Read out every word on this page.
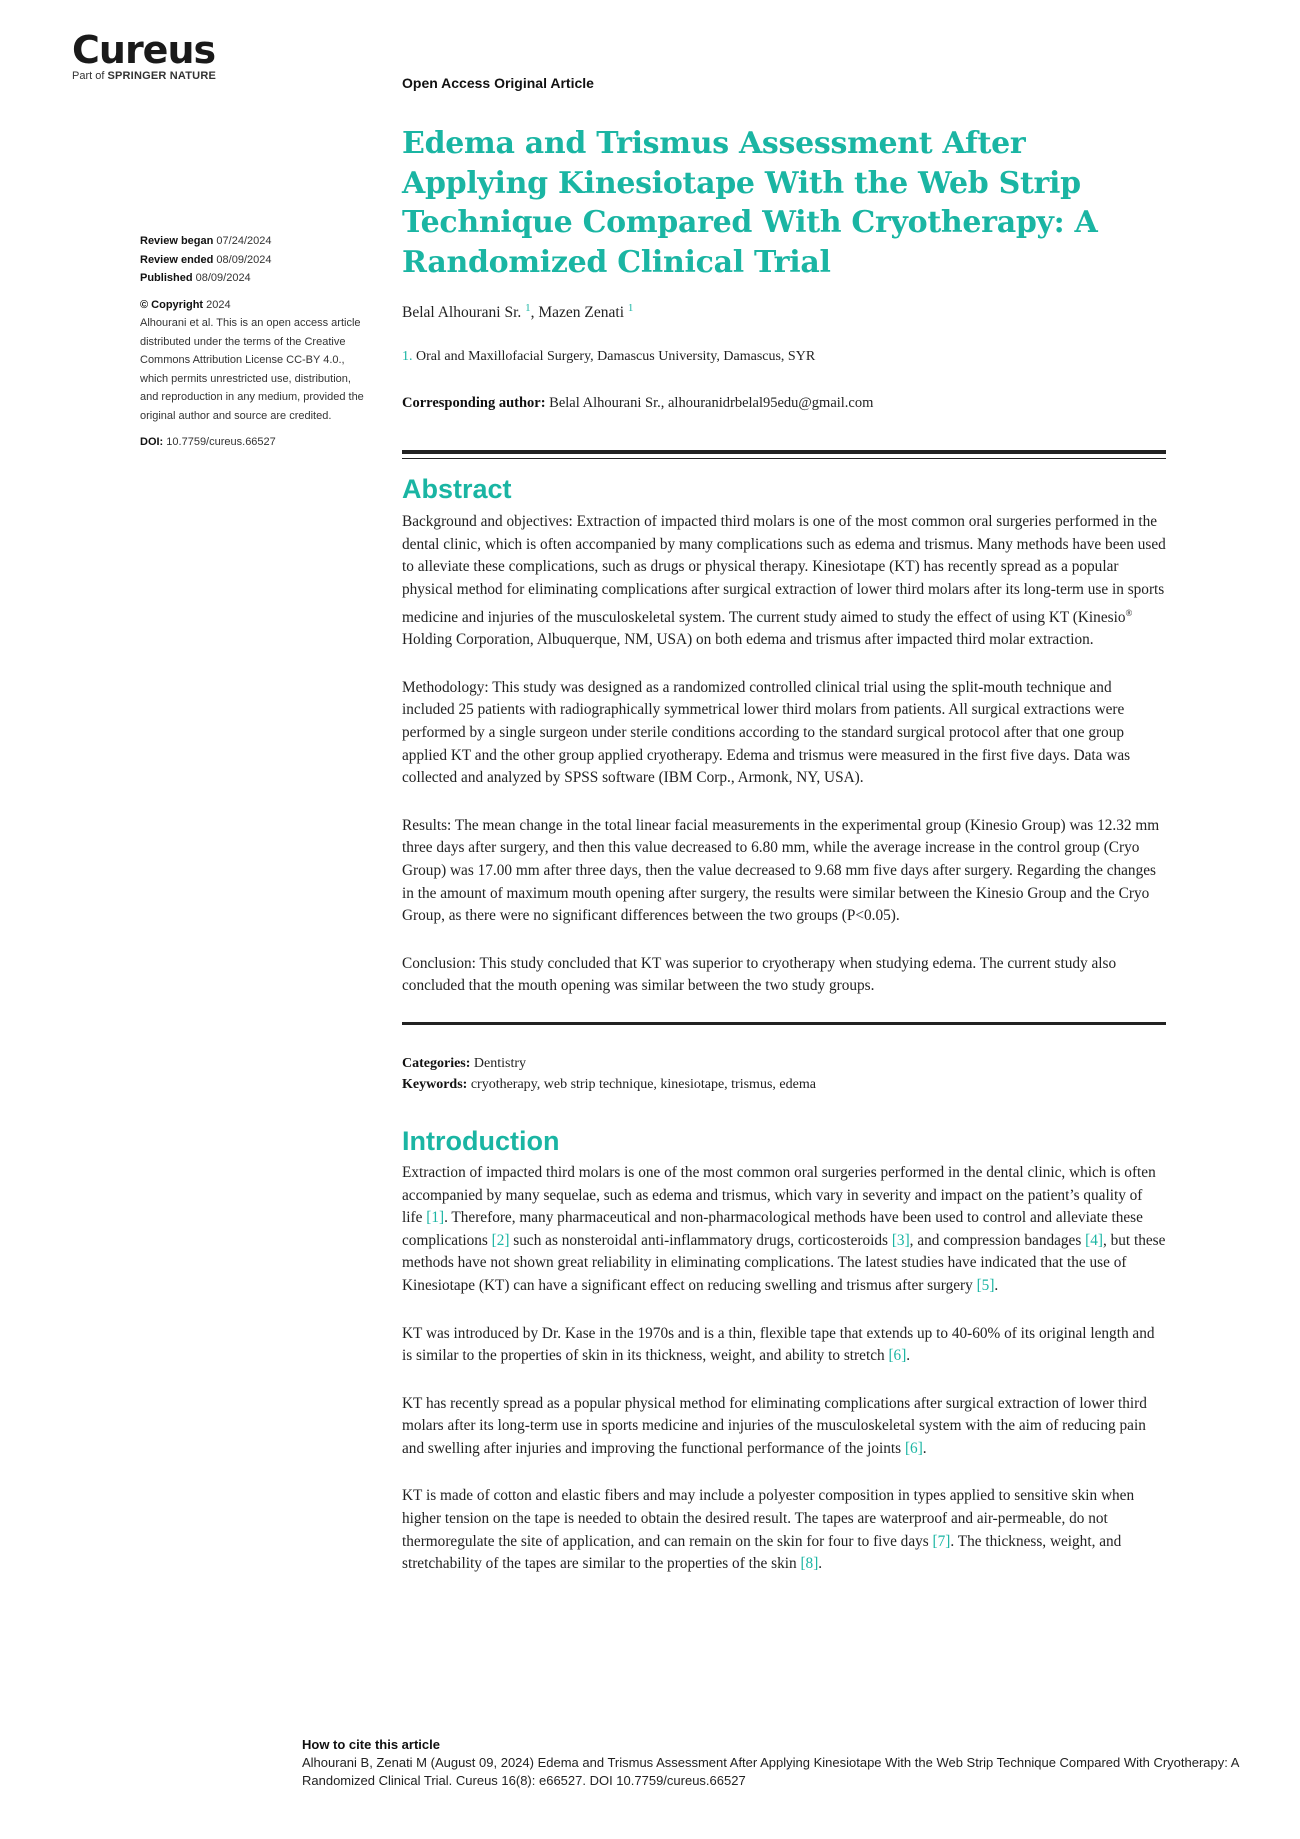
Cureus
Part of SPRINGER NATURE	Open Access Original Article
Review began 07/24/2024
Review ended 08/09/2024
Published 08/09/2024
© Copyright 2024
Alhourani et al. This is an open access article distributed under the terms of the Creative Commons Attribution License CC-BY 4.0., which permits unrestricted use, distribution, and reproduction in any medium, provided the original author and source are credited.
DOI: 10.7759/cureus.66527
Edema and Trismus Assessment After Applying Kinesiotape With the Web Strip Technique Compared With Cryotherapy: A Randomized Clinical Trial
Belal Alhourani Sr. $^1$, Mazen Zenati $^1$
1. Oral and Maxillofacial Surgery, Damascus University, Damascus, SYR
Corresponding author: Belal Alhourani Sr., alhouranidrbelal95edu@gmail.com
Abstract

Background and objectives: Extraction of impacted third molars is one of the most common oral surgeries performed in the dental clinic, which is often accompanied by many complications such as edema and trismus. Many methods have been used to alleviate these complications, such as drugs or physical therapy. Kinesiotape (KT) has recently spread as a popular physical method for eliminating complications after surgical extraction of lower third molars after its long-term use in sports medicine and injuries of the musculoskeletal system. The current study aimed to study the effect of using KT (Kinesio® Holding Corporation, Albuquerque, NM, USA) on both edema and trismus after impacted third molar extraction.

Methodology: This study was designed as a randomized controlled clinical trial using the split-mouth technique and included 25 patients with radiographically symmetrical lower third molars from patients. All surgical extractions were performed by a single surgeon under sterile conditions according to the standard surgical protocol after that one group applied KT and the other group applied cryotherapy. Edema and trismus were measured in the first five days. Data was collected and analyzed by SPSS software (IBM Corp., Armonk, NY, USA).

Results: The mean change in the total linear facial measurements in the experimental group (Kinesio Group) was 12.32 mm three days after surgery, and then this value decreased to 6.80 mm, while the average increase in the control group (Cryo Group) was 17.00 mm after three days, then the value decreased to 9.68 mm five days after surgery. Regarding the changes in the amount of maximum mouth opening after surgery, the results were similar between the Kinesio Group and the Cryo Group, as there were no significant differences between the two groups (P<0.05).

Conclusion: This study concluded that KT was superior to cryotherapy when studying edema. The current study also concluded that the mouth opening was similar between the two study groups.

Categories: Dentistry
Keywords: cryotherapy, web strip technique, kinesiotape, trismus, edema
Introduction

Extraction of impacted third molars is one of the most common oral surgeries performed in the dental clinic, which is often accompanied by many sequelae, such as edema and trismus, which vary in severity and impact on the patient’s quality of life [1]. Therefore, many pharmaceutical and non-pharmacological methods have been used to control and alleviate these complications [2] such as nonsteroidal anti-inflammatory drugs, corticosteroids [3], and compression bandages [4], but these methods have not shown great reliability in eliminating complications. The latest studies have indicated that the use of Kinesiotape (KT) can have a significant effect on reducing swelling and trismus after surgery [5].

KT was introduced by Dr. Kase in the 1970s and is a thin, flexible tape that extends up to 40-60% of its original length and is similar to the properties of skin in its thickness, weight, and ability to stretch [6].

KT has recently spread as a popular physical method for eliminating complications after surgical extraction of lower third molars after its long-term use in sports medicine and injuries of the musculoskeletal system with the aim of reducing pain and swelling after injuries and improving the functional performance of the joints [6].

KT is made of cotton and elastic fibers and may include a polyester composition in types applied to sensitive skin when higher tension on the tape is needed to obtain the desired result. The tapes are waterproof and air-permeable, do not thermoregulate the site of application, and can remain on the skin for four to five days [7]. The thickness, weight, and stretchability of the tapes are similar to the properties of the skin [8].

How to cite this article
Alhourani B, Zenati M (August 09, 2024) Edema and Trismus Assessment After Applying Kinesiotape With the Web Strip Technique Compared With Cryotherapy: A Randomized Clinical Trial. Cureus 16(8): e66527. DOI 10.7759/cureus.66527
